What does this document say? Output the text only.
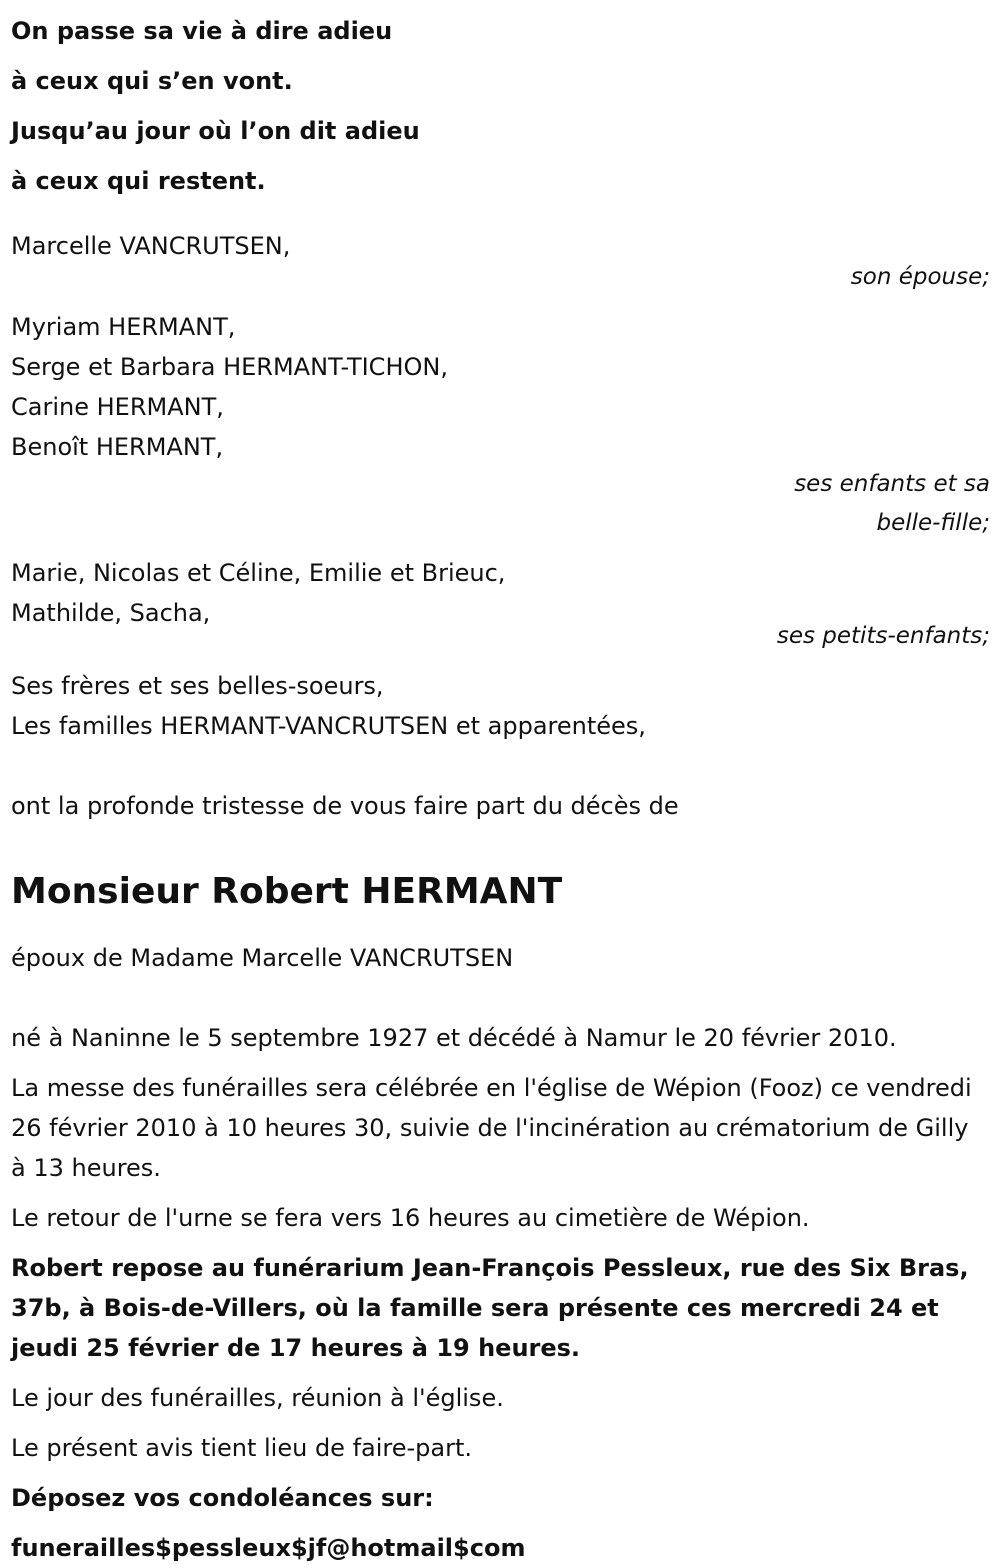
On passe sa vie à dire adieu
à ceux qui s’en vont.
Jusqu’au jour où l’on dit adieu
à ceux qui restent.
Marcelle VANCRUTSEN,
son épouse;
Myriam HERMANT,
Serge et Barbara HERMANT-TICHON,
Carine HERMANT,
Benoît HERMANT,
ses enfants et sa
belle-fille;
Marie, Nicolas et Céline, Emilie et Brieuc,
Mathilde, Sacha,
ses petits-enfants;
Ses frères et ses belles-soeurs,
Les familles HERMANT-VANCRUTSEN et apparentées,
ont la profonde tristesse de vous faire part du décès de
Monsieur Robert HERMANT
époux de Madame Marcelle VANCRUTSEN
né à Naninne le 5 septembre 1927 et décédé à Namur le 20 février 2010.
La messe des funérailles sera célébrée en l'église de Wépion (Fooz) ce vendredi 26 février 2010 à 10 heures 30, suivie de l'incinération au crématorium de Gilly à 13 heures.
Le retour de l'urne se fera vers 16 heures au cimetière de Wépion.
Robert repose au funérarium Jean-François Pessleux, rue des Six Bras, 37b, à Bois-de-Villers, où la famille sera présente ces mercredi 24 et jeudi 25 février de 17 heures à 19 heures.
Le jour des funérailles, réunion à l'église.
Le présent avis tient lieu de faire-part.
Déposez vos condoléances sur:
funerailles$pessleux$jf@hotmail$com
